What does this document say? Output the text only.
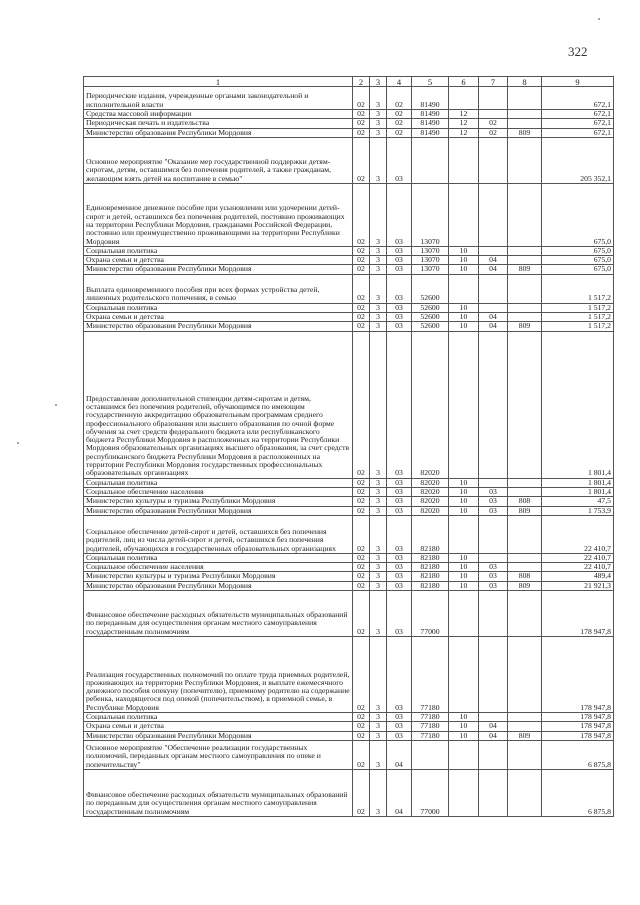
322
1	2	3	4	5	6	7	8	9
Периодические издания, учрежденные органами законодательной и исполнительной власти	02	3	02	81490				672,1
Средства массовой информации	02	3	02	81490	12			672,1
Периодическая печать и издательства	02	3	02	81490	12	02		672,1
Министерство образования Республики Мордовия	02	3	02	81490	12	02	809	672,1
Основное мероприятие "Оказание мер государственной поддержки детям-сиротам, детям, оставшимся без попечения родителей, а также гражданам, желающим взять детей на воспитание в семью"	02	3	03					205 352,1
Единовременное денежное пособие при усыновлении или удочерении детей-сирот и детей, оставшихся без попечения родителей, постоянно проживающих на территории Республики Мордовия, гражданами Российской Федерации, постоянно или преимущественно проживающими на территории Республики Мордовия	02	3	03	13070				675,0
Социальная политика	02	3	03	13070	10			675,0
Охрана семьи и детства	02	3	03	13070	10	04		675,0
Министерство образования Республики Мордовия	02	3	03	13070	10	04	809	675,0
Выплата единовременного пособия при всех формах устройства детей, лишенных родительского попечения, в семью	02	3	03	52600				1 517,2
Социальная политика	02	3	03	52600	10			1 517,2
Охрана семьи и детства	02	3	03	52600	10	04		1 517,2
Министерство образования Республики Мордовия	02	3	03	52600	10	04	809	1 517,2
Предоставление дополнительной стипендии детям-сиротам и детям, оставшимся без попечения родителей, обучающимся по имеющим государственную аккредитацию образовательным программам среднего профессионального образования или высшего образования по очной форме обучения за счет средств федерального бюджета или республиканского бюджета Республики Мордовия в расположенных на территории Республики Мордовия образовательных организациях высшего образования, за счет средств республиканского бюджета Республики Мордовия в расположенных на территории Республики Мордовия государственных профессиональных образовательных организациях	02	3	03	82020				1 801,4
Социальная политика	02	3	03	82020	10			1 801,4
Социальное обеспечение населения	02	3	03	82020	10	03		1 801,4
Министерство культуры и туризма Республики Мордовия	02	3	03	82020	10	03	808	47,5
Министерство образования Республики Мордовия	02	3	03	82020	10	03	809	1 753,9
Социальное обеспечение детей-сирот и детей, оставшихся без попечения родителей, лиц из числа детей-сирот и детей, оставшихся без попечения родителей, обучающихся в государственных образовательных организациях	02	3	03	82180				22 410,7
Социальная политика	02	3	03	82180	10			22 410,7
Социальное обеспечение населения	02	3	03	82180	10	03		22 410,7
Министерство культуры и туризма Республики Мордовия	02	3	03	82180	10	03	808	489,4
Министерство образования Республики Мордовия	02	3	03	82180	10	03	809	21 921,3
Финансовое обеспечение расходных обязательств муниципальных образований по переданным для осуществления органам местного самоуправления государственным полномочиям	02	3	03	77000				178 947,8
Реализация государственных полномочий по оплате труда приемных родителей, проживающих на территории Республики Мордовия, и выплате ежемесячного денежного пособия опекуну (попечителю), приемному родителю на содержание ребенка, находящегося под опекой (попечительством), в приемной семье, в Республике Мордовия	02	3	03	77180				178 947,8
Социальная политика	02	3	03	77180	10			178 947,8
Охрана семьи и детства	02	3	03	77180	10	04		178 947,8
Министерство образования Республики Мордовия	02	3	03	77180	10	04	809	178 947,8
Основное мероприятие "Обеспечение реализации государственных полномочий, переданных органам местного самоуправления по опеке и попечительству"	02	3	04					6 875,8
Финансовое обеспечение расходных обязательств муниципальных образований по переданным для осуществления органам местного самоуправления государственным полномочиям	02	3	04	77000				6 875,8
